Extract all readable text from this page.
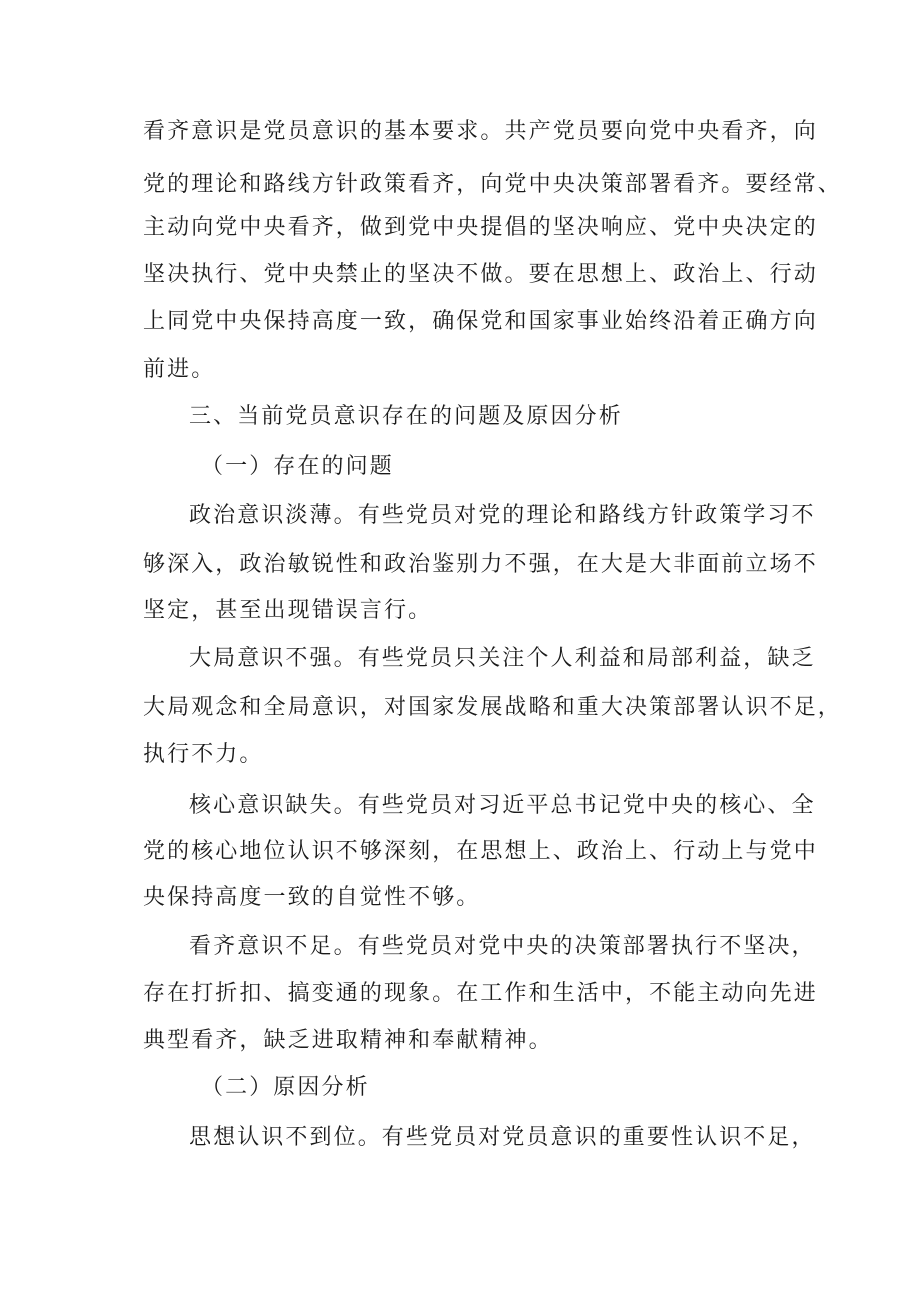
看齐意识是党员意识的基本要求。共产党员要向党中央看齐，向
党的理论和路线方针政策看齐，向党中央决策部署看齐。要经常、
主动向党中央看齐，做到党中央提倡的坚决响应、党中央决定的
坚决执行、党中央禁止的坚决不做。要在思想上、政治上、行动
上同党中央保持高度一致，确保党和国家事业始终沿着正确方向
前进。
三、当前党员意识存在的问题及原因分析
（一）存在的问题
政治意识淡薄。有些党员对党的理论和路线方针政策学习不
够深入，政治敏锐性和政治鉴别力不强，在大是大非面前立场不
坚定，甚至出现错误言行。
大局意识不强。有些党员只关注个人利益和局部利益，缺乏
大局观念和全局意识，对国家发展战略和重大决策部署认识不足，
执行不力。
核心意识缺失。有些党员对习近平总书记党中央的核心、全
党的核心地位认识不够深刻，在思想上、政治上、行动上与党中
央保持高度一致的自觉性不够。
看齐意识不足。有些党员对党中央的决策部署执行不坚决，
存在打折扣、搞变通的现象。在工作和生活中，不能主动向先进
典型看齐，缺乏进取精神和奉献精神。
（二）原因分析
思想认识不到位。有些党员对党员意识的重要性认识不足，
